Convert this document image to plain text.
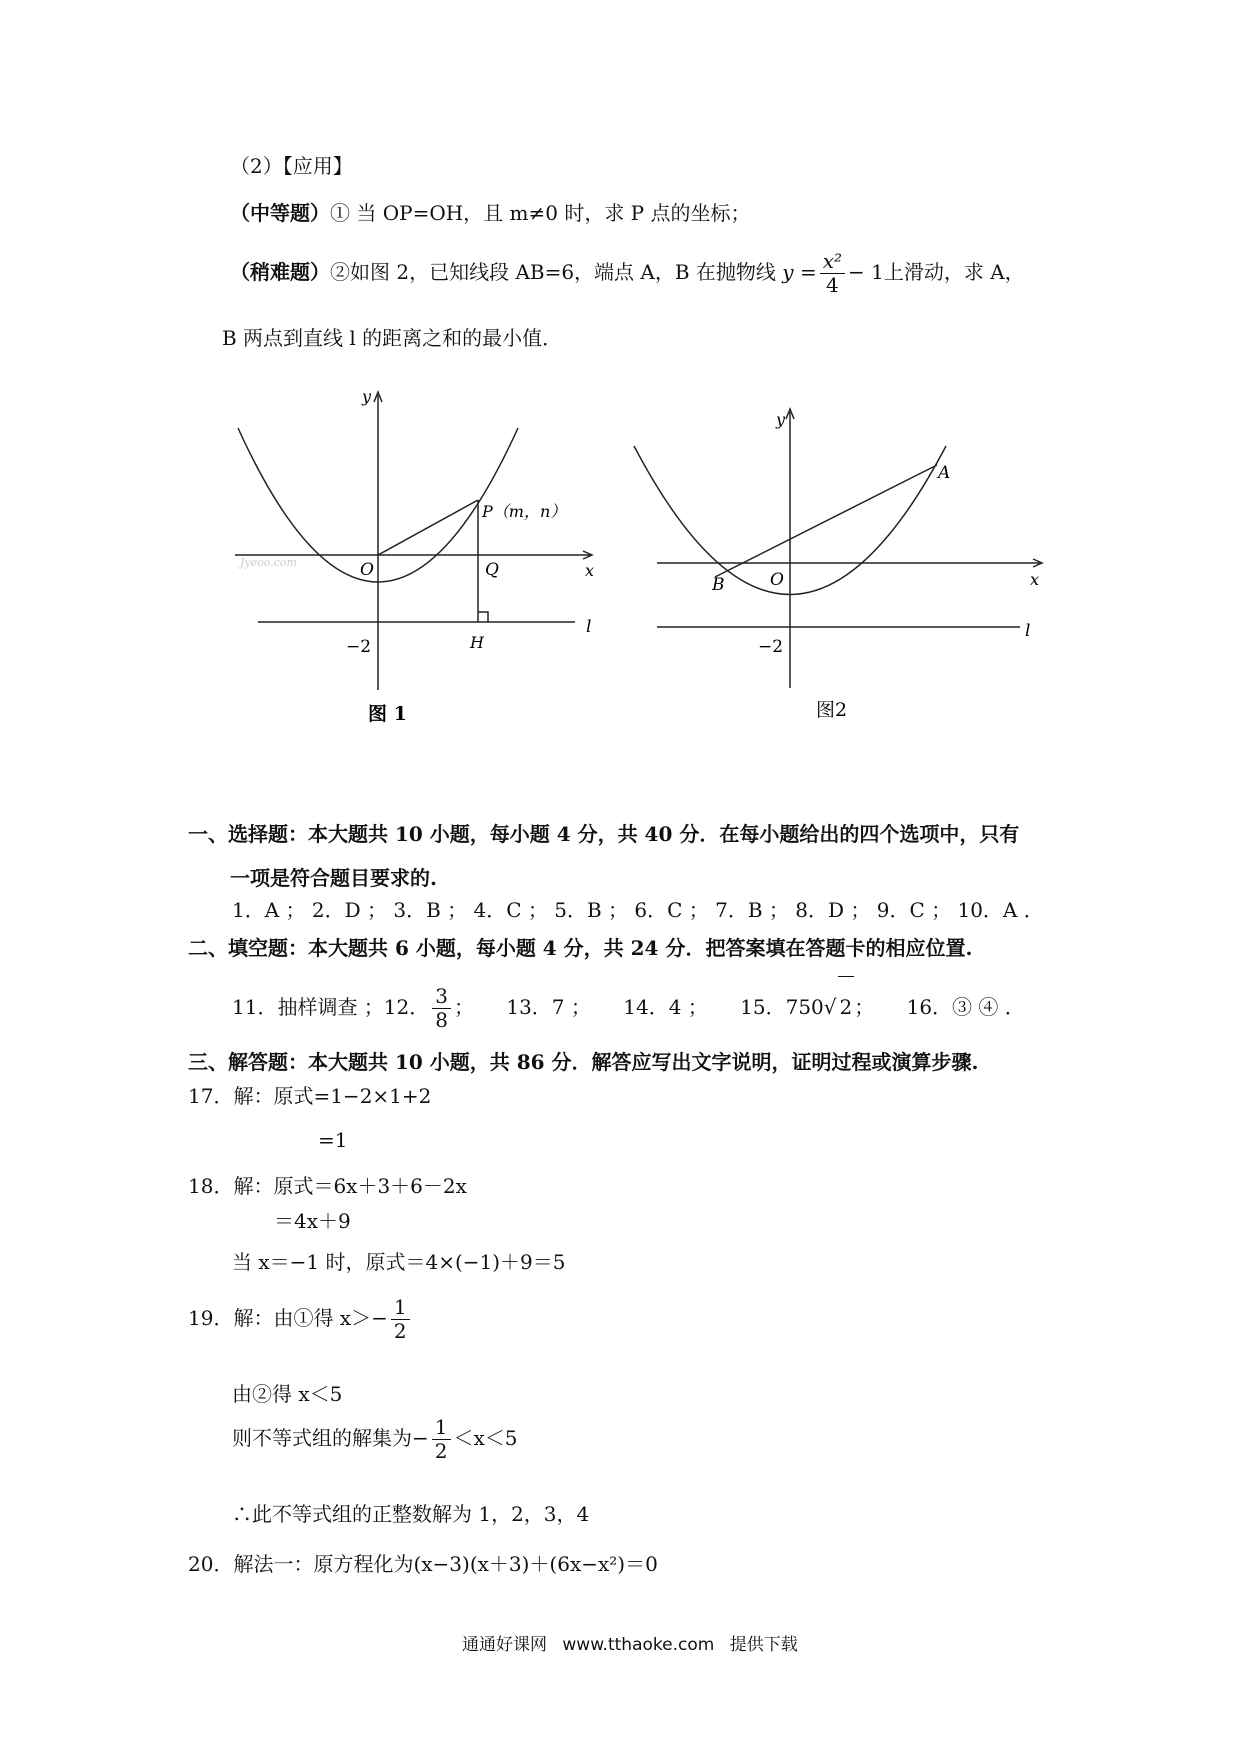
（2）【应用】
（中等题）① 当 OP=OH，且 m≠0 时，求 P 点的坐标；
（稍难题）②如图 2，已知线段 AB=6，端点 A，B 在抛物线 $y = \frac{\text{x²}}{4} - 1$上滑动，求 A，
B 两点到直线 l 的距离之和的最小值．
Jyeoo.com
y
x
O	Q
P（m，n）
H
−2
l
图 1
y
x
O
B
A
−2
l
图2
一、选择题：本大题共 10 小题，每小题 4 分，共 40 分．在每小题给出的四个选项中，只有
一项是符合题目要求的.
1．A ； 2．D ； 3．B ； 4．C ； 5．B ； 6．C ； 7．B ； 8．D ； 9．C ； 10．A ．
二、填空题：本大题共 6 小题，每小题 4 分，共 24 分．把答案填在答题卡的相应位置.
11．抽样调查 ；12． $\frac{3}{8}$ ； 13．7 ； 14．4 ； 15．750√ 2 ； 16．③ ④ ．
三、解答题：本大题共 10 小题，共 86 分．解答应写出文字说明，证明过程或演算步骤.
17．解：原式=1−2×1+2
=1
18．解：原式＝6x＋3＋6－2x
＝4x＋9
当 x＝−1 时，原式＝4×(−1)＋9＝5
19．解：由①得 $x>- \frac{1}{2}$
由②得 x＜5
则不等式组的解集为− $\frac{1}{2} <x<5$
∴此不等式组的正整数解为 1，2，3，4
20．解法一：原方程化为(x−3)(x＋3)＋(6x−x²)＝0
通通好课网 www.tthaoke.com 提供下载
